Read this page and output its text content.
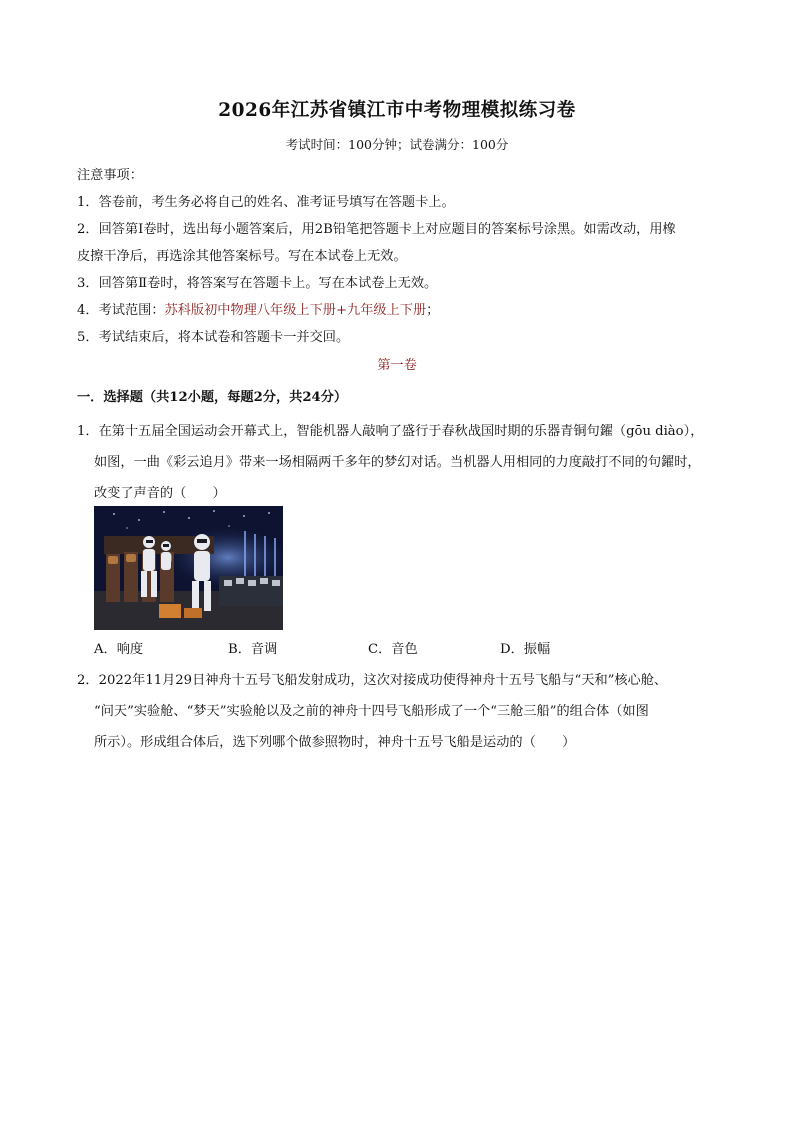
2026年江苏省镇江市中考物理模拟练习卷
考试时间：100分钟；试卷满分：100分
注意事项：
1．答卷前，考生务必将自己的姓名、准考证号填写在答题卡上。
2．回答第Ⅰ卷时，选出每小题答案后，用2B铅笔把答题卡上对应题目的答案标号涂黑。如需改动，用橡
皮擦干净后，再选涂其他答案标号。写在本试卷上无效。
3．回答第Ⅱ卷时，将答案写在答题卡上。写在本试卷上无效。
4．考试范围：苏科版初中物理八年级上下册+九年级上下册；
5．考试结束后，将本试卷和答题卡一并交回。
第一卷
一．选择题（共12小题，每题2分，共24分）
1．在第十五届全国运动会开幕式上，智能机器人敲响了盛行于春秋战国时期的乐器青铜句鑃（gōu diào），
如图，一曲《彩云追月》带来一场相隔两千多年的梦幻对话。当机器人用相同的力度敲打不同的句鑃时，
改变了声音的（　　）
A．响度	B．音调	C．音色	D．振幅
2．2022年11月29日神舟十五号飞船发射成功，这次对接成功使得神舟十五号飞船与“天和”核心舱、
“问天”实验舱、“梦天”实验舱以及之前的神舟十四号飞船形成了一个“三舱三船”的组合体（如图
所示）。形成组合体后，选下列哪个做参照物时，神舟十五号飞船是运动的（　　）
